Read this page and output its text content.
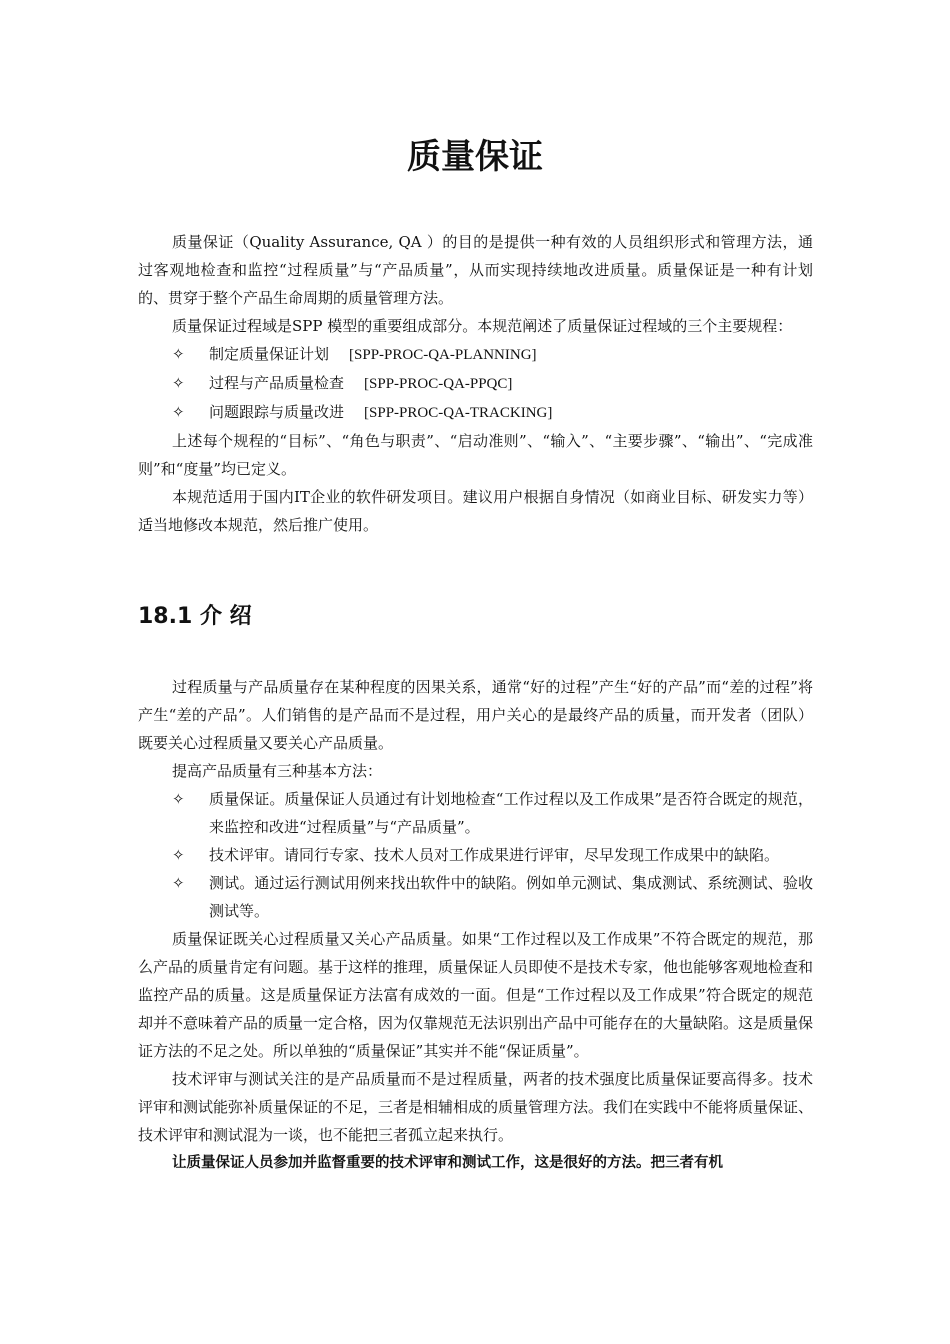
质量保证

质量保证（Quality Assurance, QA ）的目的是提供一种有效的人员组织形式和管理方法，通过客观地检查和监控“过程质量”与“产品质量”，从而实现持续地改进质量。质量保证是一种有计划的、贯穿于整个产品生命周期的质量管理方法。

质量保证过程域是SPP 模型的重要组成部分。本规范阐述了质量保证过程域的三个主要规程：

✧ 制定质量保证计划 [SPP-PROC-QA-PLANNING]

✧ 过程与产品质量检查 [SPP-PROC-QA-PPQC]

✧ 问题跟踪与质量改进 [SPP-PROC-QA-TRACKING]

上述每个规程的“目标”、“角色与职责”、“启动准则”、“输入”、“主要步骤”、“输出”、“完成准则”和“度量”均已定义。

本规范适用于国内IT企业的软件研发项目。建议用户根据自身情况（如商业目标、研发实力等）适当地修改本规范，然后推广使用。

18.1 介 绍

过程质量与产品质量存在某种程度的因果关系，通常“好的过程”产生“好的产品”而“差的过程”将产生“差的产品”。人们销售的是产品而不是过程，用户关心的是最终产品的质量，而开发者（团队）既要关心过程质量又要关心产品质量。

提高产品质量有三种基本方法：

✧ 质量保证。质量保证人员通过有计划地检查“工作过程以及工作成果”是否符合既定的规范，来监控和改进“过程质量”与“产品质量”。

✧ 技术评审。请同行专家、技术人员对工作成果进行评审，尽早发现工作成果中的缺陷。

✧ 测试。通过运行测试用例来找出软件中的缺陷。例如单元测试、集成测试、系统测试、验收测试等。

质量保证既关心过程质量又关心产品质量。如果“工作过程以及工作成果”不符合既定的规范，那么产品的质量肯定有问题。基于这样的推理，质量保证人员即使不是技术专家，他也能够客观地检查和监控产品的质量。这是质量保证方法富有成效的一面。但是“工作过程以及工作成果”符合既定的规范却并不意味着产品的质量一定合格，因为仅靠规范无法识别出产品中可能存在的大量缺陷。这是质量保证方法的不足之处。所以单独的“质量保证”其实并不能“保证质量”。

技术评审与测试关注的是产品质量而不是过程质量，两者的技术强度比质量保证要高得多。技术评审和测试能弥补质量保证的不足，三者是相辅相成的质量管理方法。我们在实践中不能将质量保证、技术评审和测试混为一谈，也不能把三者孤立起来执行。

让质量保证人员参加并监督重要的技术评审和测试工作，这是很好的方法。把三者有机
